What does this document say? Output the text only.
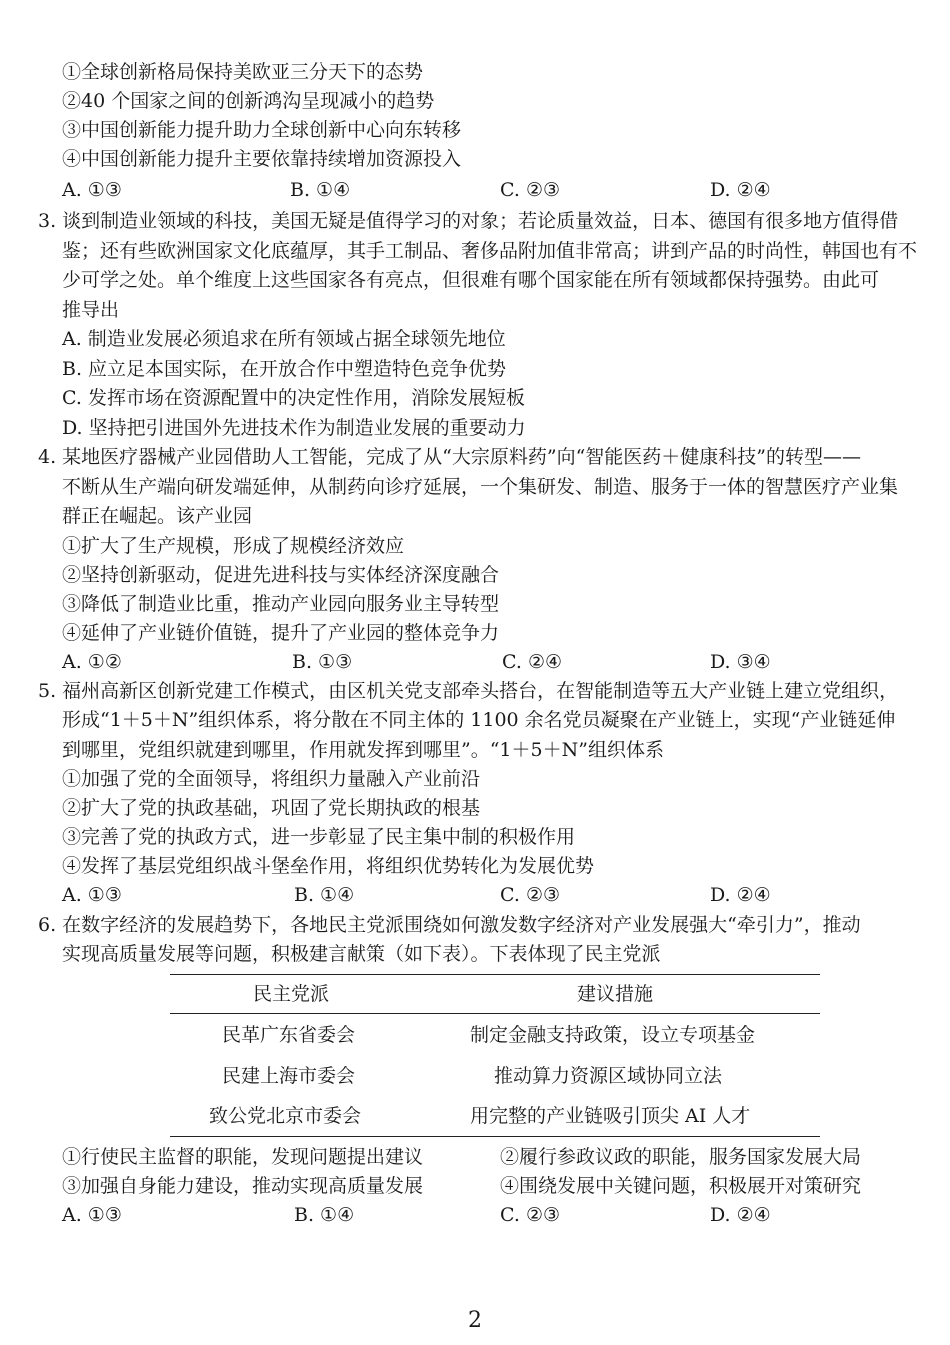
①全球创新格局保持美欧亚三分天下的态势
②40 个国家之间的创新鸿沟呈现减小的趋势
③中国创新能力提升助力全球创新中心向东转移
④中国创新能力提升主要依靠持续增加资源投入
A. ①③	B. ①④	C. ②③	D. ②④
3. 谈到制造业领域的科技，美国无疑是值得学习的对象；若论质量效益，日本、德国有很多地方值得借
鉴；还有些欧洲国家文化底蕴厚，其手工制品、奢侈品附加值非常高；讲到产品的时尚性，韩国也有不
少可学之处。单个维度上这些国家各有亮点，但很难有哪个国家能在所有领域都保持强势。由此可
推导出
A. 制造业发展必须追求在所有领域占据全球领先地位
B. 应立足本国实际，在开放合作中塑造特色竞争优势
C. 发挥市场在资源配置中的决定性作用，消除发展短板
D. 坚持把引进国外先进技术作为制造业发展的重要动力
4. 某地医疗器械产业园借助人工智能，完成了从“大宗原料药”向“智能医药＋健康科技”的转型——
不断从生产端向研发端延伸，从制药向诊疗延展，一个集研发、制造、服务于一体的智慧医疗产业集
群正在崛起。该产业园
①扩大了生产规模，形成了规模经济效应
②坚持创新驱动，促进先进科技与实体经济深度融合
③降低了制造业比重，推动产业园向服务业主导转型
④延伸了产业链价值链，提升了产业园的整体竞争力
A. ①②	B. ①③	C. ②④	D. ③④
5. 福州高新区创新党建工作模式，由区机关党支部牵头搭台，在智能制造等五大产业链上建立党组织，
形成“1＋5＋N”组织体系，将分散在不同主体的 1100 余名党员凝聚在产业链上，实现“产业链延伸
到哪里，党组织就建到哪里，作用就发挥到哪里”。“1＋5＋N”组织体系
①加强了党的全面领导，将组织力量融入产业前沿
②扩大了党的执政基础，巩固了党长期执政的根基
③完善了党的执政方式，进一步彰显了民主集中制的积极作用
④发挥了基层党组织战斗堡垒作用，将组织优势转化为发展优势
A. ①③	B. ①④	C. ②③	D. ②④
6. 在数字经济的发展趋势下，各地民主党派围绕如何激发数字经济对产业发展强大“牵引力”，推动
实现高质量发展等问题，积极建言献策（如下表）。下表体现了民主党派
民主党派	建议措施
民革广东省委会	制定金融支持政策，设立专项基金
民建上海市委会	推动算力资源区域协同立法
致公党北京市委会	用完整的产业链吸引顶尖 AI 人才
①行使民主监督的职能，发现问题提出建议	②履行参政议政的职能，服务国家发展大局
③加强自身能力建设，推动实现高质量发展	④围绕发展中关键问题，积极展开对策研究
A. ①③	B. ①④	C. ②③	D. ②④
2
